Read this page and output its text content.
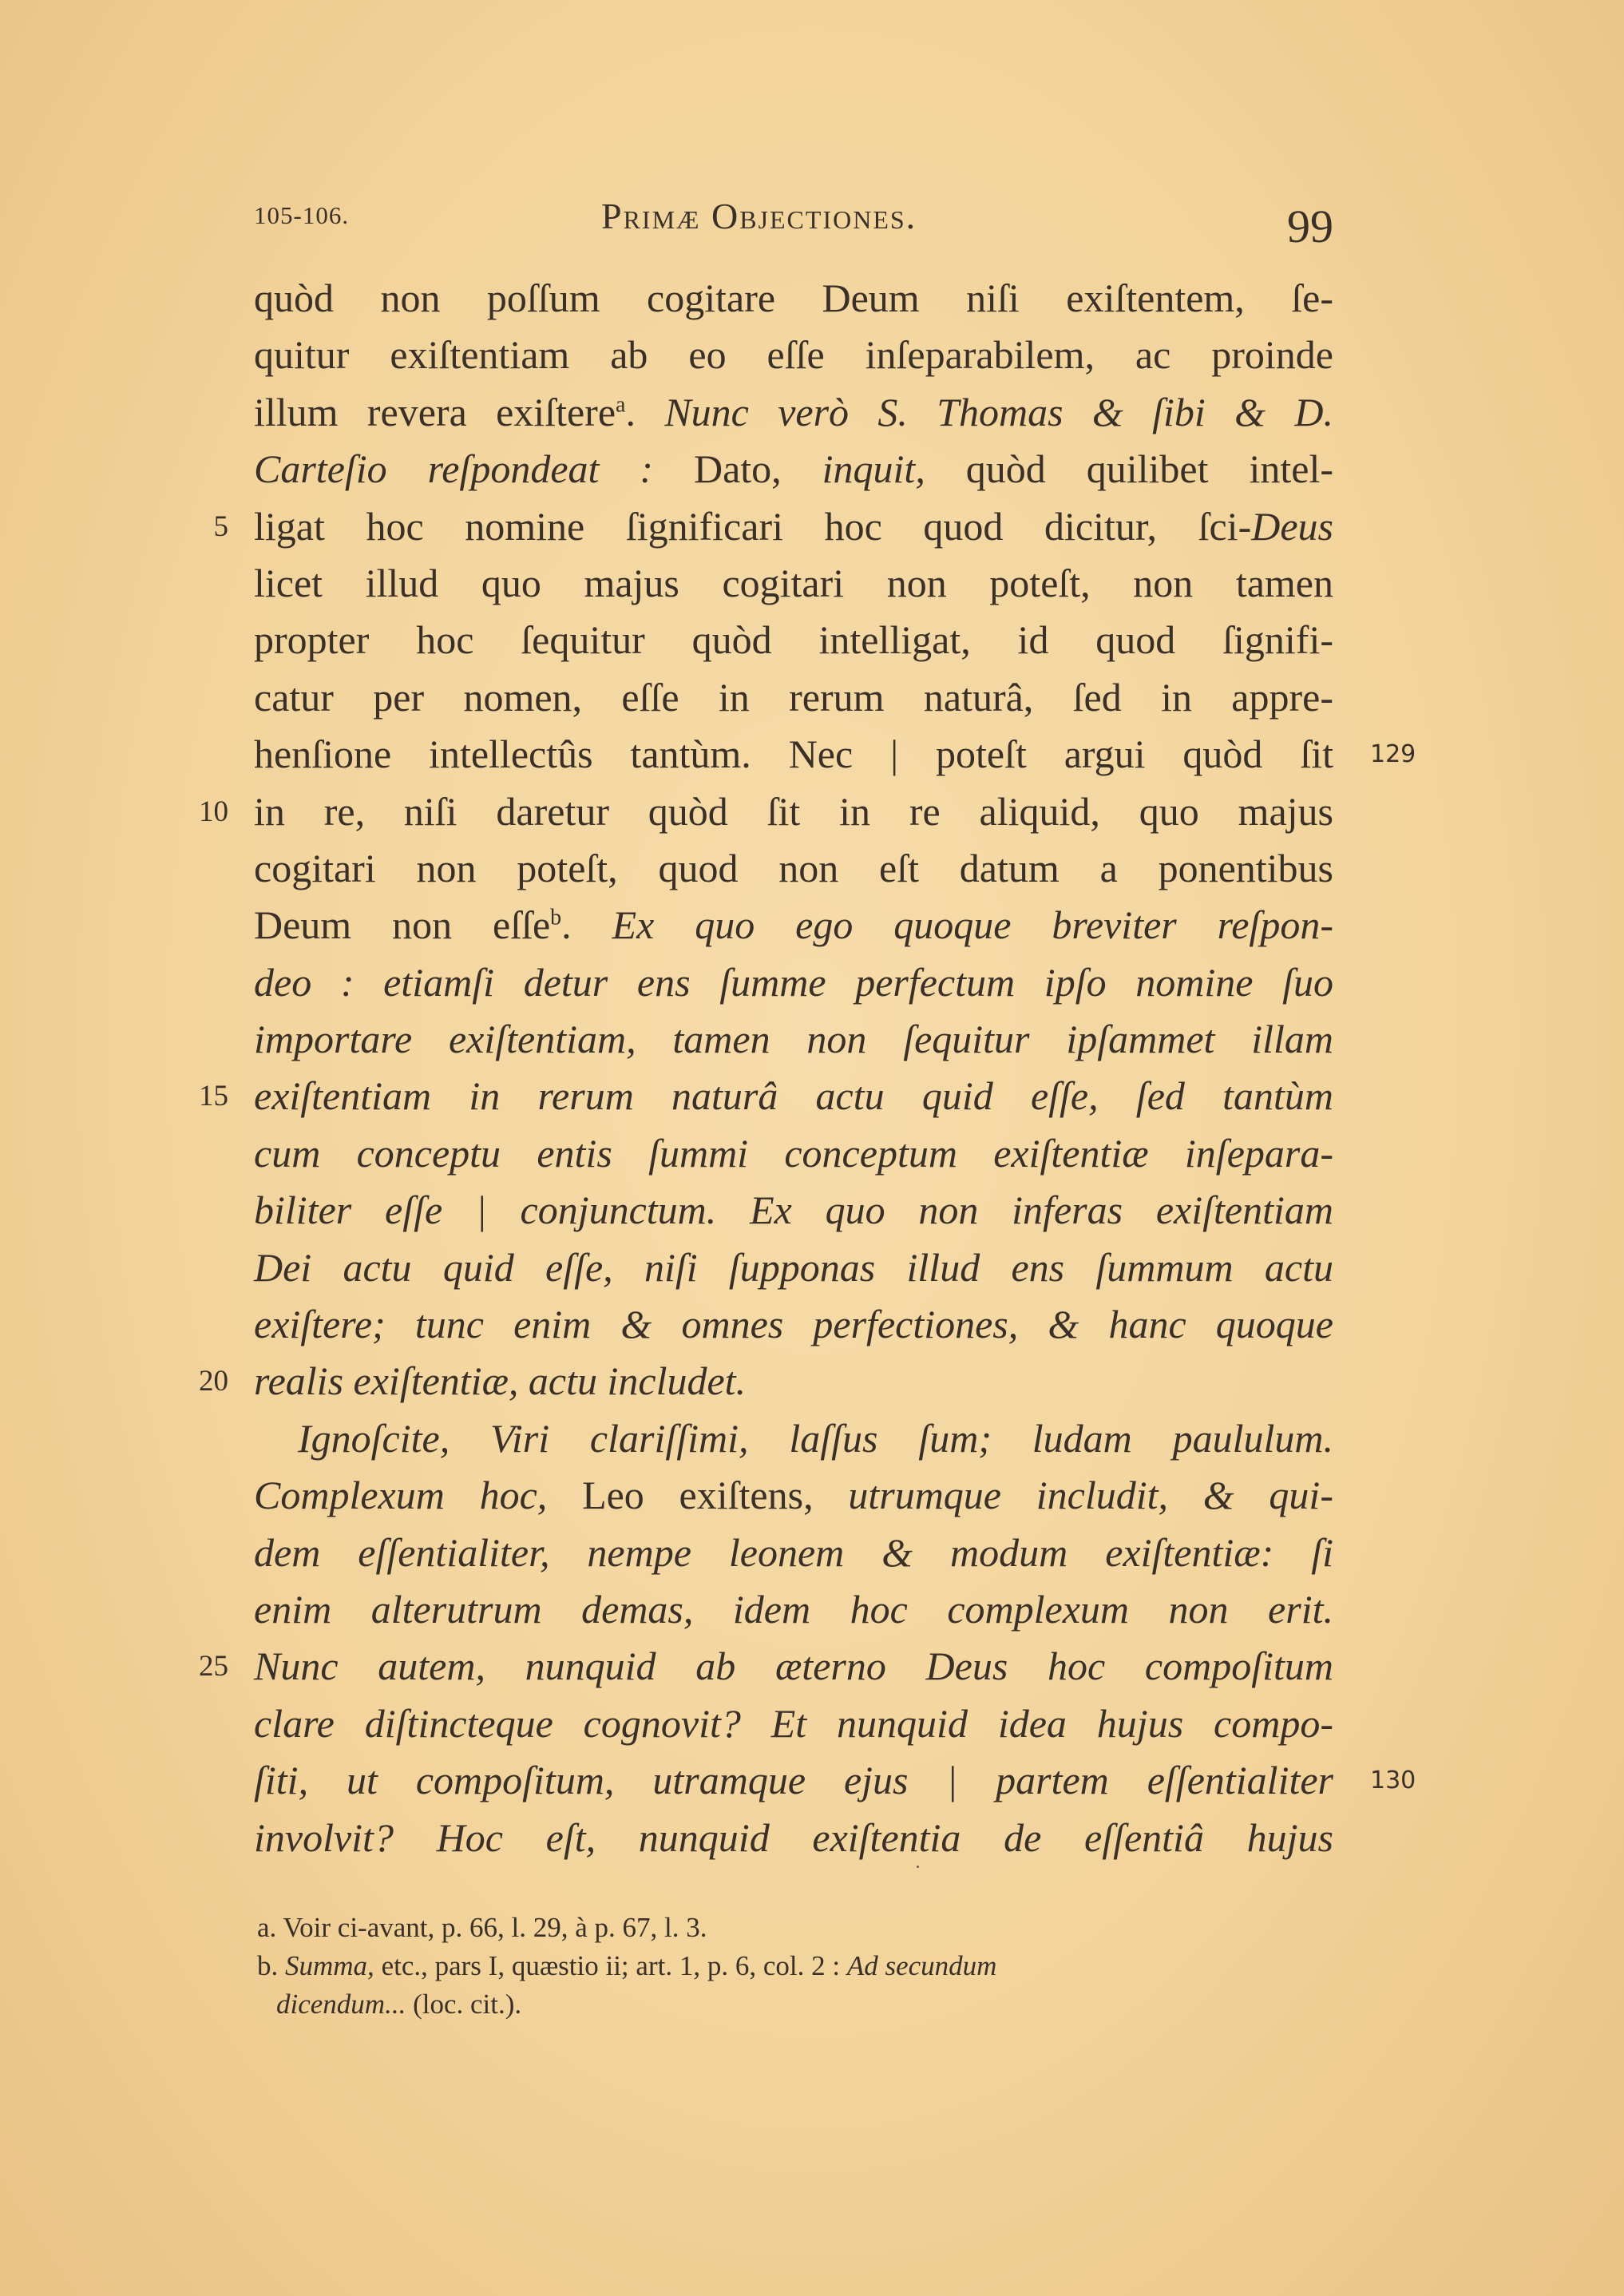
105-106.	Primæ Objectiones.	99
quòd non poſſum cogitare Deum niſi exiſtentem, ſe-
quitur exiſtentiam ab eo eſſe inſeparabilem, ac proinde
illum revera exiſtere$^a$. Nunc verò S. Thomas & ſibi & D.
Carteſio reſpondeat : Dato, inquit, quòd quilibet intel-
5 ligat hoc nomine ſignificari hoc quod dicitur, ſci-Deus
licet illud quo majus cogitari non poteſt, non tamen
propter hoc ſequitur quòd intelligat, id quod ſignifi-
catur per nomen, eſſe in rerum naturâ, ſed in appre-
henſione intellectûs tantùm. Nec | poteſt argui quòd ſit 129
10 in re, niſi daretur quòd ſit in re aliquid, quo majus
cogitari non poteſt, quod non eſt datum a ponentibus
Deum non eſſe$^b$. Ex quo ego quoque breviter reſpon-
deo : etiamſi detur ens ſumme perfectum ipſo nomine ſuo
importare exiſtentiam, tamen non ſequitur ipſammet illam
15 exiſtentiam in rerum naturâ actu quid eſſe, ſed tantùm
cum conceptu entis ſummi conceptum exiſtentiæ inſepara-
biliter eſſe | conjunctum. Ex quo non inferas exiſtentiam
Dei actu quid eſſe, niſi ſupponas illud ens ſummum actu
exiſtere; tunc enim & omnes perfectiones, & hanc quoque
20 realis exiſtentiæ, actu includet.
Ignoſcite, Viri clariſſimi, laſſus ſum; ludam paululum.
Complexum hoc, Leo exiſtens, utrumque includit, & qui-
dem eſſentialiter, nempe leonem & modum exiſtentiæ: ſi
enim alterutrum demas, idem hoc complexum non erit.
25 Nunc autem, nunquid ab æterno Deus hoc compoſitum
clare diſtincteque cognovit? Et nunquid idea hujus compo-
ſiti, ut compoſitum, utramque ejus | partem eſſentialiter 130
involvit? Hoc eſt, nunquid exiſtentia de eſſentiâ hujus
a. Voir ci-avant, p. 66, l. 29, à p. 67, l. 3.
b. Summa, etc., pars I, quæstio ii; art. 1, p. 6, col. 2 : Ad secundum
dicendum... (loc. cit.).
